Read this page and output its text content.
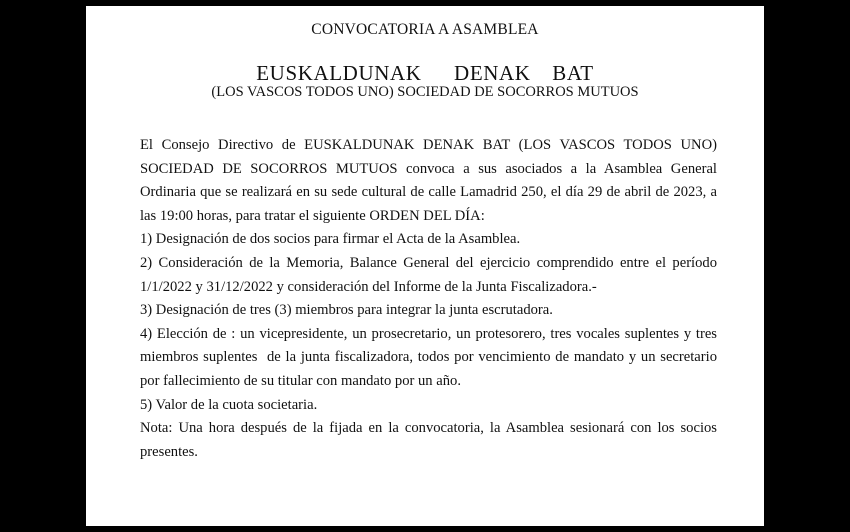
CONVOCATORIA A ASAMBLEA
EUSKALDUNAK   DENAK  BAT
(LOS VASCOS TODOS UNO) SOCIEDAD DE SOCORROS MUTUOS

El Consejo Directivo de EUSKALDUNAK DENAK BAT (LOS VASCOS TODOS UNO) SOCIEDAD DE SOCORROS MUTUOS convoca a sus asociados a la Asamblea General Ordinaria que se realizará en su sede cultural de calle Lamadrid 250, el día 29 de abril de 2023, a las 19:00 horas, para tratar el siguiente ORDEN DEL DÍA:

1) Designación de dos socios para firmar el Acta de la Asamblea.

2) Consideración de la Memoria, Balance General del ejercicio comprendido entre el período 1/1/2022 y 31/12/2022 y consideración del Informe de la Junta Fiscalizadora.-

3) Designación de tres (3) miembros para integrar la junta escrutadora.

4) Elección de : un vicepresidente, un prosecretario, un protesorero, tres vocales suplentes y tres miembros suplentes  de la junta fiscalizadora, todos por vencimiento de mandato y un secretario por fallecimiento de su titular con mandato por un año.

5) Valor de la cuota societaria.

Nota: Una hora después de la fijada en la convocatoria, la Asamblea sesionará con los socios presentes.
